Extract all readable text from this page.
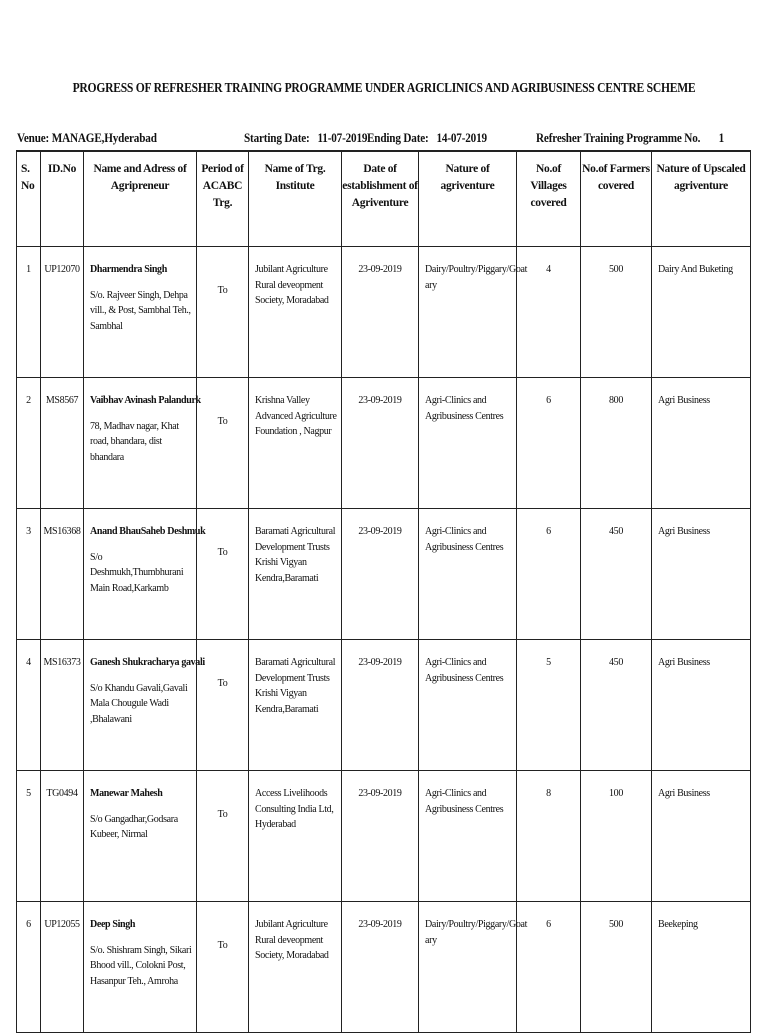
PROGRESS OF REFRESHER TRAINING PROGRAMME UNDER AGRICLINICS AND AGRIBUSINESS CENTRE SCHEME
Venue: MANAGE,Hyderabad	Starting Date: 11-07-2019 Ending Date: 14-07-2019	Refresher Training Programme No. 1
S. No	ID.No	Name and Adress of Agripreneur	Period of ACABC Trg.	Name of Trg. Institute	Date of establishment of Agriventure	Nature of agriventure	No.of Villages covered	No.of Farmers covered	Nature of Upscaled agriventure

1	UP12070	Dharmendra Singh
S/o. Rajveer Singh, Dehpa vill., & Post, Sambhal Teh., Sambhal	To	Jubilant Agriculture Rural deveopment Society, Moradabad	23-09-2019	Dairy/Poultry/Piggary/Goat ary	4	500	Dairy And Buketing

2	MS8567	Vaibhav Avinash Palandurk
78, Madhav nagar, Khat road, bhandara, dist bhandara	To	Krishna Valley Advanced Agriculture Foundation , Nagpur	23-09-2019	Agri-Clinics and Agribusiness Centres	6	800	Agri Business

3	MS16368	Anand BhauSaheb Deshmuk
S/o Deshmukh,Thumbhurani Main Road,Karkamb	To	Baramati Agricultural Development Trusts Krishi Vigyan Kendra,Baramati	23-09-2019	Agri-Clinics and Agribusiness Centres	6	450	Agri Business

4	MS16373	Ganesh Shukracharya gavali
S/o Khandu Gavali,Gavali Mala Chougule Wadi ,Bhalawani	To	Baramati Agricultural Development Trusts Krishi Vigyan Kendra,Baramati	23-09-2019	Agri-Clinics and Agribusiness Centres	5	450	Agri Business

5	TG0494	Manewar Mahesh
S/o Gangadhar,Godsara Kubeer, Nirmal	To	Access Livelihoods Consulting India Ltd, Hyderabad	23-09-2019	Agri-Clinics and Agribusiness Centres	8	100	Agri Business

6	UP12055	Deep Singh
S/o. Shishram Singh, Sikari Bhood vill., Colokni Post, Hasanpur Teh., Amroha	To	Jubilant Agriculture Rural deveopment Society, Moradabad	23-09-2019	Dairy/Poultry/Piggary/Goat ary	6	500	Beekeping
